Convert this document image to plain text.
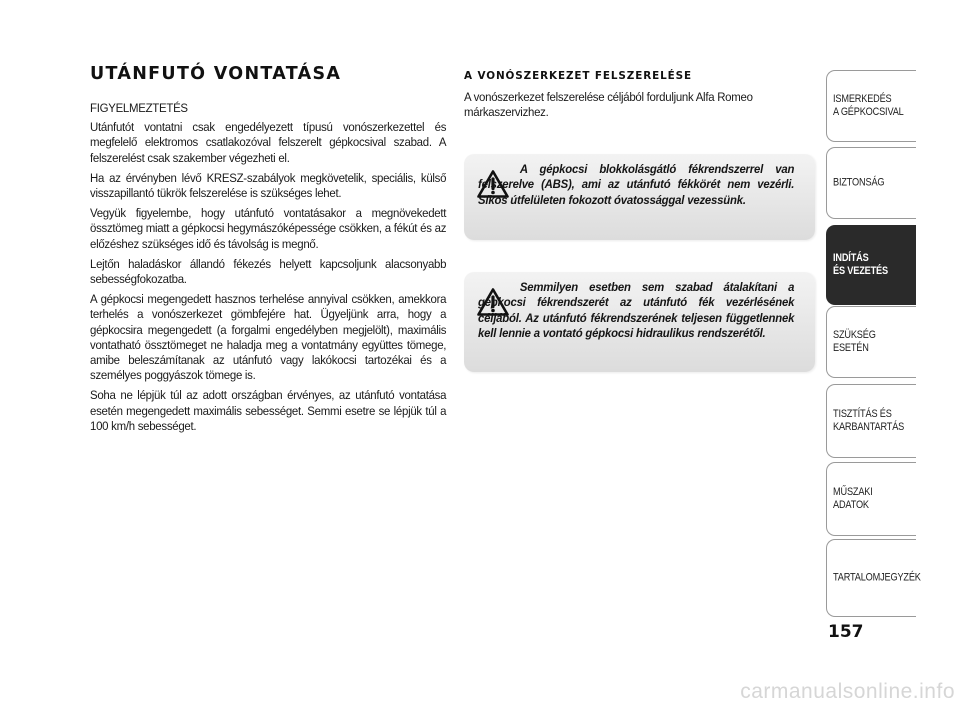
UTÁNFUTÓ VONTATÁSA

FIGYELMEZTETÉS

Utánfutót vontatni csak engedélyezett típusú vonószerkezettel és megfelelő elektromos csatlakozóval felszerelt gépkocsival szabad. A felszerelést csak szakember végezheti el.

Ha az érvényben lévő KRESZ-szabályok megkövetelik, speciális, külső visszapillantó tükrök felszerelése is szükséges lehet.

Vegyük figyelembe, hogy utánfutó vontatásakor a megnövekedett össztömeg miatt a gépkocsi hegymászóképessége csökken, a fékút és az előzéshez szükséges idő és távolság is megnő.

Lejtőn haladáskor állandó fékezés helyett kapcsoljunk alacsonyabb sebességfokozatba.

A gépkocsi megengedett hasznos terhelése annyival csökken, amekkora terhelés a vonószerkezet gömbfejére hat. Ügyeljünk arra, hogy a gépkocsira megengedett (a forgalmi engedélyben megjelölt), maximális vontatható össztömeget ne haladja meg a vontatmány együttes tömege, amibe beleszámítanak az utánfutó vagy lakókocsi tartozékai és a személyes poggyászok tömege is.

Soha ne lépjük túl az adott országban érvényes, az utánfutó vontatása esetén megengedett maximális sebességet. Semmi esetre se lépjük túl a 100 km/h sebességet.

A VONÓSZERKEZET FELSZERELÉSE

A vonószerkezet felszerelése céljából forduljunk Alfa Romeo márkaszervizhez.

A gépkocsi blokkolásgátló fékrendszerrel van felszerelve (ABS), ami az utánfutó fékkörét nem vezérli. Síkos útfelületen fokozott óvatossággal vezessünk.
Semmilyen esetben sem szabad átalakítani a gépkocsi fékrendszerét az utánfutó fék vezérlésének céljából. Az utánfutó fékrendszerének teljesen függetlennek kell lennie a vontató gépkocsi hidraulikus rendszerétől.
ISMERKEDÉS
A GÉPKOCSIVAL
BIZTONSÁG
INDÍTÁS
ÉS VEZETÉS
SZÜKSÉG
ESETÉN
TISZTÍTÁS ÉS
KARBANTARTÁS
MŰSZAKI
ADATOK
TARTALOMJEGYZÉK
157
carmanualsonline.info
